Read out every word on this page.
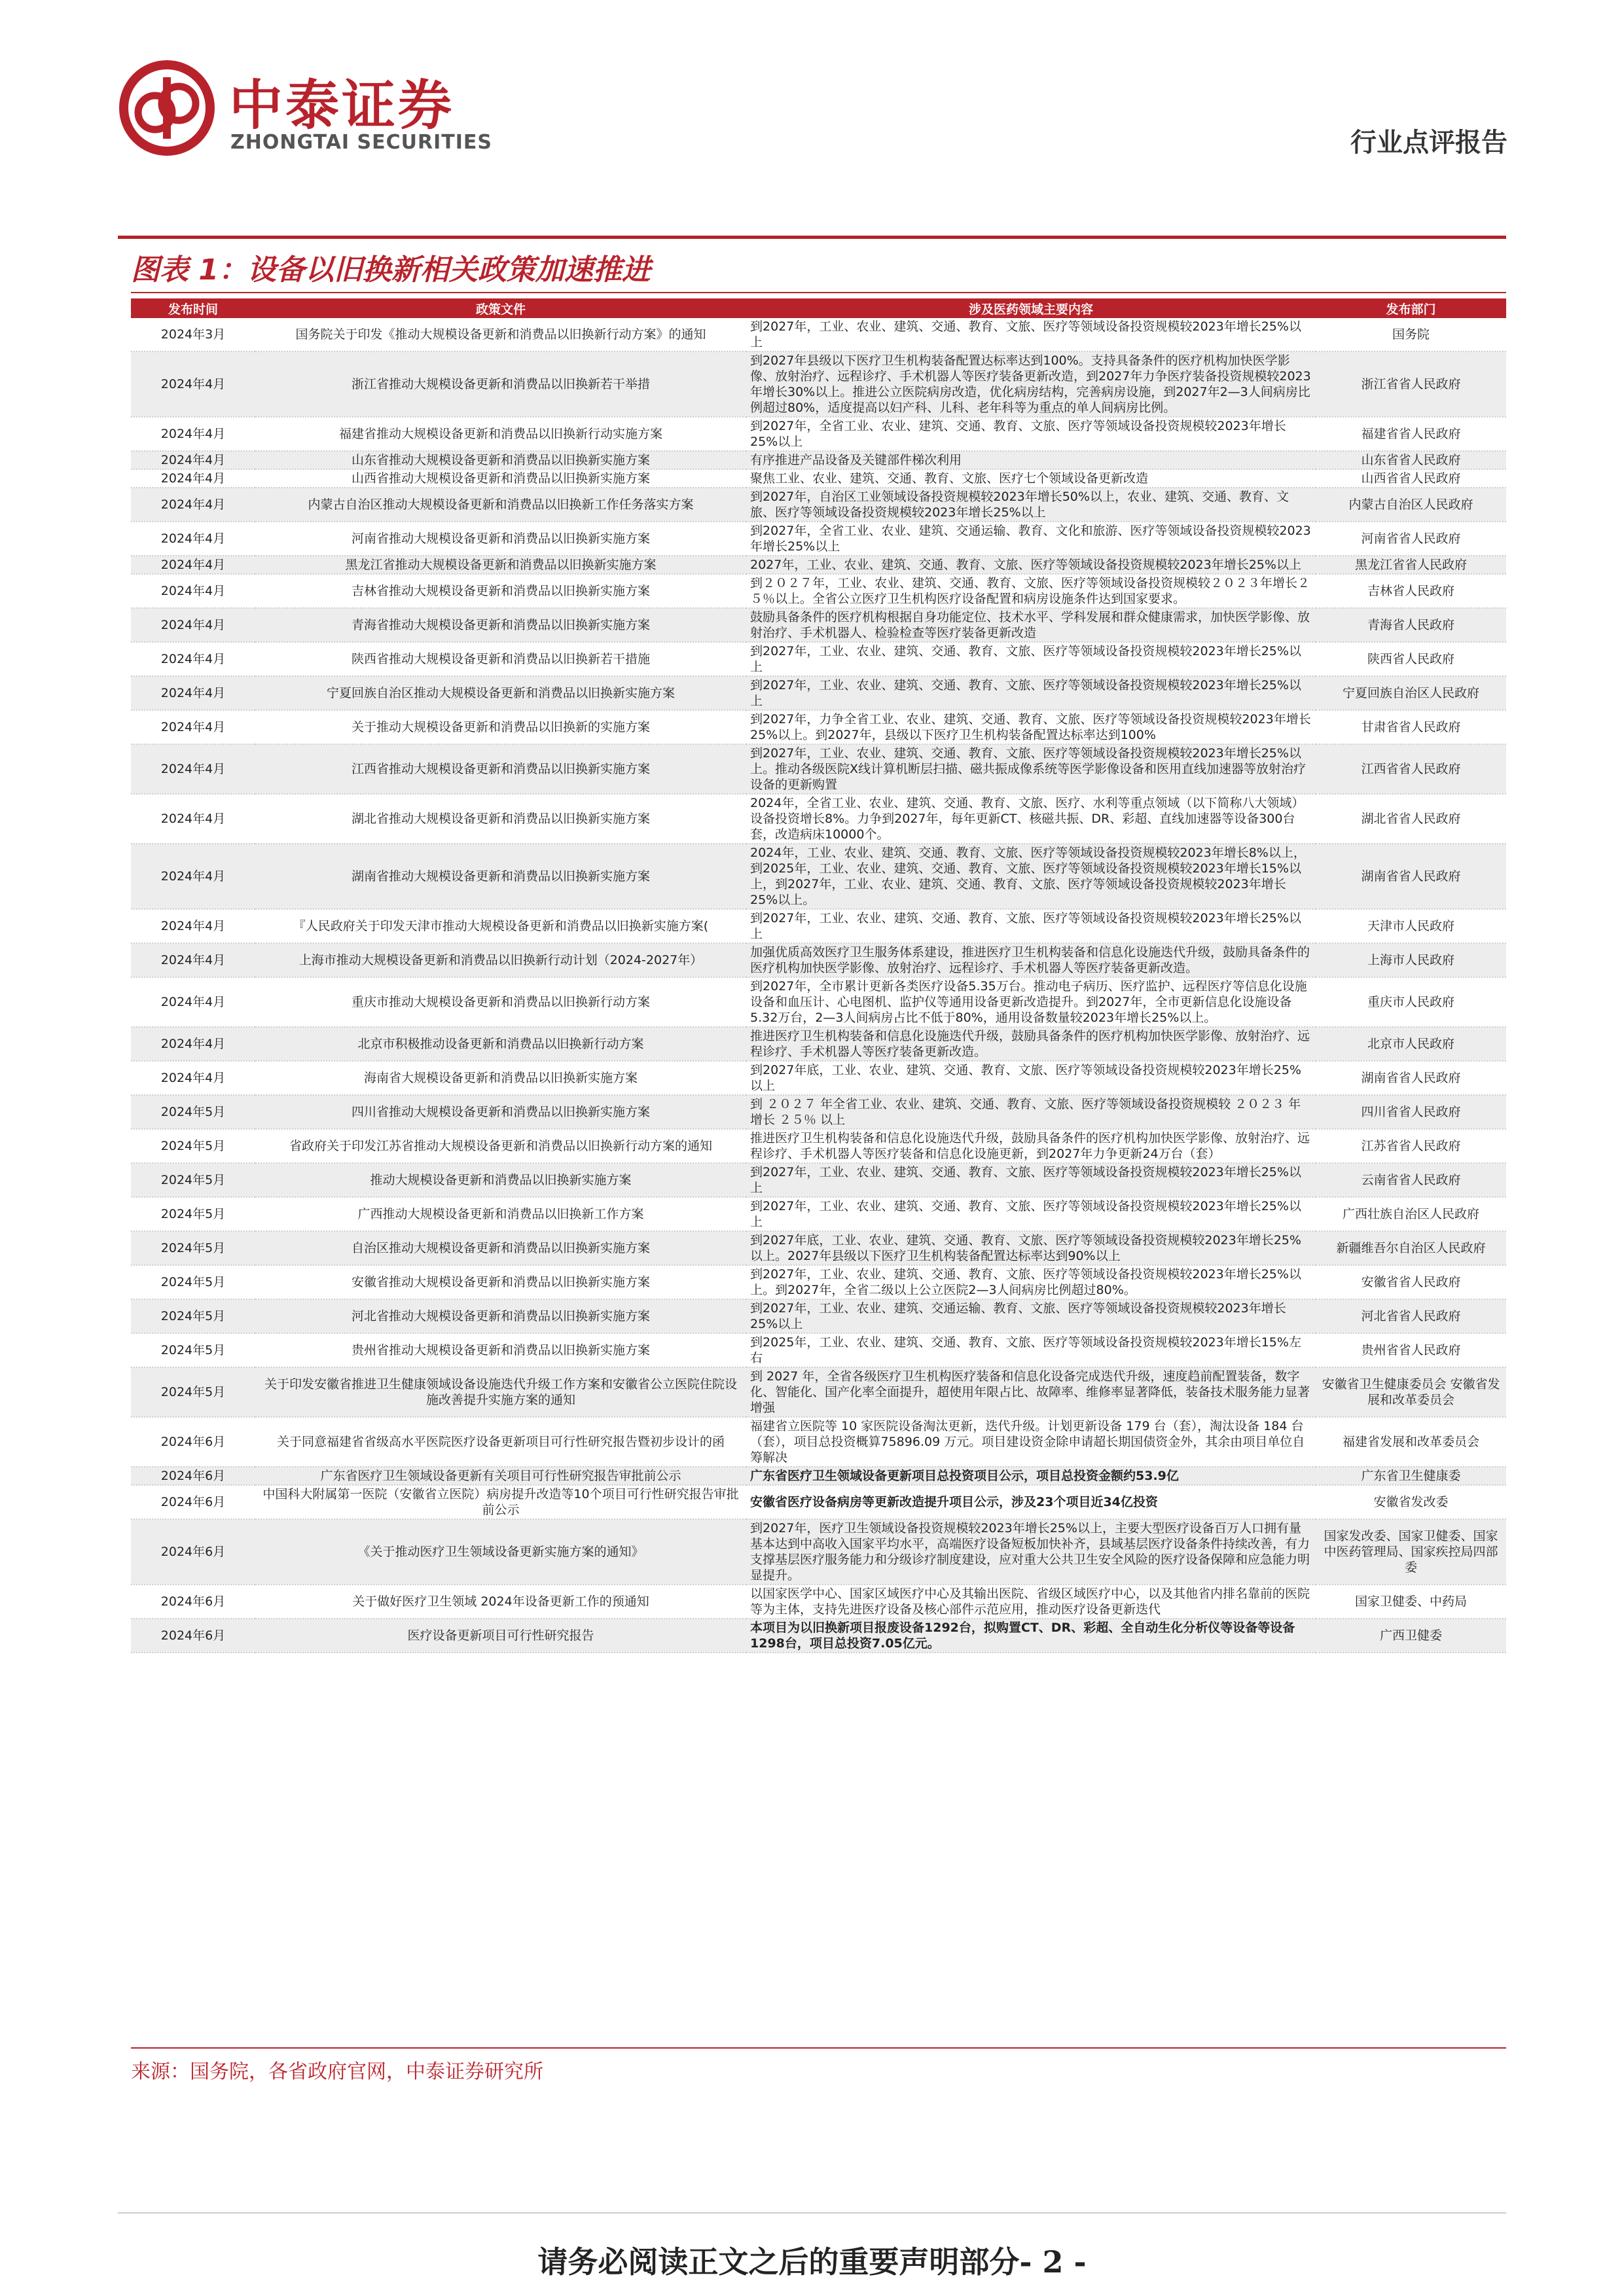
中泰证券
ZHONGTAI SECURITIES	行业点评报告
图表 1：设备以旧换新相关政策加速推进
发布时间	政策文件	涉及医药领域主要内容	发布部门
2024年3月	国务院关于印发《推动大规模设备更新和消费品以旧换新行动方案》的通知	到2027年，工业、农业、建筑、交通、教育、文旅、医疗等领域设备投资规模较2023年增长25%以上	国务院
2024年4月	浙江省推动大规模设备更新和消费品以旧换新若干举措	到2027年县级以下医疗卫生机构装备配置达标率达到100%。支持具备条件的医疗机构加快医学影像、放射治疗、远程诊疗、手术机器人等医疗装备更新改造，到2027年力争医疗装备投资规模较2023年增长30%以上。推进公立医院病房改造，优化病房结构，完善病房设施，到2027年2—3人间病房比例超过80%，适度提高以妇产科、儿科、老年科等为重点的单人间病房比例。	浙江省省人民政府
2024年4月	福建省推动大规模设备更新和消费品以旧换新行动实施方案	到2027年，全省工业、农业、建筑、交通、教育、文旅、医疗等领域设备投资规模较2023年增长25%以上	福建省省人民政府
2024年4月	山东省推动大规模设备更新和消费品以旧换新实施方案	有序推进产品设备及关键部件梯次利用	山东省省人民政府
2024年4月	山西省推动大规模设备更新和消费品以旧换新实施方案	聚焦工业、农业、建筑、交通、教育、文旅、医疗七个领域设备更新改造	山西省省人民政府
2024年4月	内蒙古自治区推动大规模设备更新和消费品以旧换新工作任务落实方案	到2027年，自治区工业领域设备投资规模较2023年增长50%以上，农业、建筑、交通、教育、文旅、医疗等领域设备投资规模较2023年增长25%以上	内蒙古自治区人民政府
2024年4月	河南省推动大规模设备更新和消费品以旧换新实施方案	到2027年，全省工业、农业、建筑、交通运输、教育、文化和旅游、医疗等领域设备投资规模较2023年增长25%以上	河南省省人民政府
2024年4月	黑龙江省推动大规模设备更新和消费品以旧换新实施方案	2027年，工业、农业、建筑、交通、教育、文旅、医疗等领域设备投资规模较2023年增长25%以上	黑龙江省省人民政府
2024年4月	吉林省推动大规模设备更新和消费品以旧换新实施方案	到２０２７年，工业、农业、建筑、交通、教育、文旅、医疗等领域设备投资规模较２０２３年增长２５％以上。全省公立医疗卫生机构医疗设备配置和病房设施条件达到国家要求。	吉林省人民政府
2024年4月	青海省推动大规模设备更新和消费品以旧换新实施方案	鼓励具备条件的医疗机构根据自身功能定位、技术水平、学科发展和群众健康需求，加快医学影像、放射治疗、手术机器人、检验检查等医疗装备更新改造	青海省人民政府
2024年4月	陕西省推动大规模设备更新和消费品以旧换新若干措施	到2027年，工业、农业、建筑、交通、教育、文旅、医疗等领域设备投资规模较2023年增长25%以上	陕西省人民政府
2024年4月	宁夏回族自治区推动大规模设备更新和消费品以旧换新实施方案	到2027年，工业、农业、建筑、交通、教育、文旅、医疗等领域设备投资规模较2023年增长25%以上	宁夏回族自治区人民政府
2024年4月	关于推动大规模设备更新和消费品以旧换新的实施方案	到2027年，力争全省工业、农业、建筑、交通、教育、文旅、医疗等领域设备投资规模较2023年增长25%以上。到2027年，县级以下医疗卫生机构装备配置达标率达到100%	甘肃省省人民政府
2024年4月	江西省推动大规模设备更新和消费品以旧换新实施方案	到2027年，工业、农业、建筑、交通、教育、文旅、医疗等领域设备投资规模较2023年增长25%以上。推动各级医院X线计算机断层扫描、磁共振成像系统等医学影像设备和医用直线加速器等放射治疗设备的更新购置	江西省省人民政府
2024年4月	湖北省推动大规模设备更新和消费品以旧换新实施方案	2024年，全省工业、农业、建筑、交通、教育、文旅、医疗、水利等重点领域（以下简称八大领域）设备投资增长8%。力争到2027年，每年更新CT、核磁共振、DR、彩超、直线加速器等设备300台套，改造病床10000个。	湖北省省人民政府
2024年4月	湖南省推动大规模设备更新和消费品以旧换新实施方案	2024年，工业、农业、建筑、交通、教育、文旅、医疗等领域设备投资规模较2023年增长8%以上，到2025年，工业、农业、建筑、交通、教育、文旅、医疗等领域设备投资规模较2023年增长15%以上，到2027年，工业、农业、建筑、交通、教育、文旅、医疗等领域设备投资规模较2023年增长25%以上。	湖南省省人民政府
2024年4月	『人民政府关于印发天津市推动大规模设备更新和消费品以旧换新实施方案(	到2027年，工业、农业、建筑、交通、教育、文旅、医疗等领域设备投资规模较2023年增长25%以上	天津市人民政府
2024年4月	上海市推动大规模设备更新和消费品以旧换新行动计划（2024-2027年）	加强优质高效医疗卫生服务体系建设，推进医疗卫生机构装备和信息化设施迭代升级，鼓励具备条件的医疗机构加快医学影像、放射治疗、远程诊疗、手术机器人等医疗装备更新改造。	上海市人民政府
2024年4月	重庆市推动大规模设备更新和消费品以旧换新行动方案	到2027年，全市累计更新各类医疗设备5.35万台。推动电子病历、医疗监护、远程医疗等信息化设施设备和血压计、心电图机、监护仪等通用设备更新改造提升。到2027年，全市更新信息化设施设备5.32万台，2—3人间病房占比不低于80%，通用设备数量较2023年增长25%以上。	重庆市人民政府
2024年4月	北京市积极推动设备更新和消费品以旧换新行动方案	推进医疗卫生机构装备和信息化设施迭代升级，鼓励具备条件的医疗机构加快医学影像、放射治疗、远程诊疗、手术机器人等医疗装备更新改造。	北京市人民政府
2024年4月	海南省大规模设备更新和消费品以旧换新实施方案	到2027年底，工业、农业、建筑、交通、教育、文旅、医疗等领域设备投资规模较2023年增长25%以上	湖南省省人民政府
2024年5月	四川省推动大规模设备更新和消费品以旧换新实施方案	到 ２０２７ 年全省工业、农业、建筑、交通、教育、文旅、医疗等领域设备投资规模较 ２０２３ 年增长 ２５％ 以上	四川省省人民政府
2024年5月	省政府关于印发江苏省推动大规模设备更新和消费品以旧换新行动方案的通知	推进医疗卫生机构装备和信息化设施迭代升级，鼓励具备条件的医疗机构加快医学影像、放射治疗、远程诊疗、手术机器人等医疗装备和信息化设施更新，到2027年力争更新24万台（套）	江苏省省人民政府
2024年5月	推动大规模设备更新和消费品以旧换新实施方案	到2027年，工业、农业、建筑、交通、教育、文旅、医疗等领域设备投资规模较2023年增长25%以上	云南省省人民政府
2024年5月	广西推动大规模设备更新和消费品以旧换新工作方案	到2027年，工业、农业、建筑、交通、教育、文旅、医疗等领域设备投资规模较2023年增长25%以上	广西壮族自治区人民政府
2024年5月	自治区推动大规模设备更新和消费品以旧换新实施方案	到2027年底，工业、农业、建筑、交通、教育、文旅、医疗等领域设备投资规模较2023年增长25%以上。2027年县级以下医疗卫生机构装备配置达标率达到90%以上	新疆维吾尔自治区人民政府
2024年5月	安徽省推动大规模设备更新和消费品以旧换新实施方案	到2027年，工业、农业、建筑、交通、教育、文旅、医疗等领域设备投资规模较2023年增长25%以上。到2027年，全省二级以上公立医院2—3人间病房比例超过80%。	安徽省省人民政府
2024年5月	河北省推动大规模设备更新和消费品以旧换新实施方案	到2027年，工业、农业、建筑、交通运输、教育、文旅、医疗等领域设备投资规模较2023年增长25%以上	河北省省人民政府
2024年5月	贵州省推动大规模设备更新和消费品以旧换新实施方案	到2025年，工业、农业、建筑、交通、教育、文旅、医疗等领域设备投资规模较2023年增长15%左右	贵州省省人民政府
2024年5月	关于印发安徽省推进卫生健康领域设备设施迭代升级工作方案和安徽省公立医院住院设施改善提升实施方案的通知	到 2027 年，全省各级医疗卫生机构医疗装备和信息化设备完成迭代升级，速度趋前配置装备，数字化、智能化、国产化率全面提升，超使用年限占比、故障率、维修率显著降低，装备技术服务能力显著增强	安徽省卫生健康委员会 安徽省发展和改革委员会
2024年6月	关于同意福建省省级高水平医院医疗设备更新项目可行性研究报告暨初步设计的函	福建省立医院等 10 家医院设备淘汰更新，迭代升级。计划更新设备 179 台（套），淘汰设备 184 台（套），项目总投资概算75896.09 万元。项目建设资金除申请超长期国债资金外，其余由项目单位自筹解决	福建省发展和改革委员会
2024年6月	广东省医疗卫生领域设备更新有关项目可行性研究报告审批前公示	广东省医疗卫生领域设备更新项目总投资项目公示，项目总投资金额约53.9亿	广东省卫生健康委
2024年6月	中国科大附属第一医院（安徽省立医院）病房提升改造等10个项目可行性研究报告审批前公示	安徽省医疗设备病房等更新改造提升项目公示，涉及23个项目近34亿投资	安徽省发改委
2024年6月	《关于推动医疗卫生领域设备更新实施方案的通知》	到2027年，医疗卫生领域设备投资规模较2023年增长25%以上，主要大型医疗设备百万人口拥有量基本达到中高收入国家平均水平，高端医疗设备短板加快补齐，县域基层医疗设备条件持续改善，有力支撑基层医疗服务能力和分级诊疗制度建设，应对重大公共卫生安全风险的医疗设备保障和应急能力明显提升。	国家发改委、国家卫健委、国家中医药管理局、国家疾控局四部委
2024年6月	关于做好医疗卫生领域 2024年设备更新工作的预通知	以国家医学中心、国家区域医疗中心及其输出医院、省级区域医疗中心，以及其他省内排名靠前的医院等为主体，支持先进医疗设备及核心部件示范应用，推动医疗设备更新迭代	国家卫健委、中药局
2024年6月	医疗设备更新项目可行性研究报告	本项目为以旧换新项目报废设备1292台，拟购置CT、DR、彩超、全自动生化分析仪等设备等设备1298台，项目总投资7.05亿元。	广西卫健委
来源：国务院，各省政府官网，中泰证券研究所
请务必阅读正文之后的重要声明部分- 2 -
